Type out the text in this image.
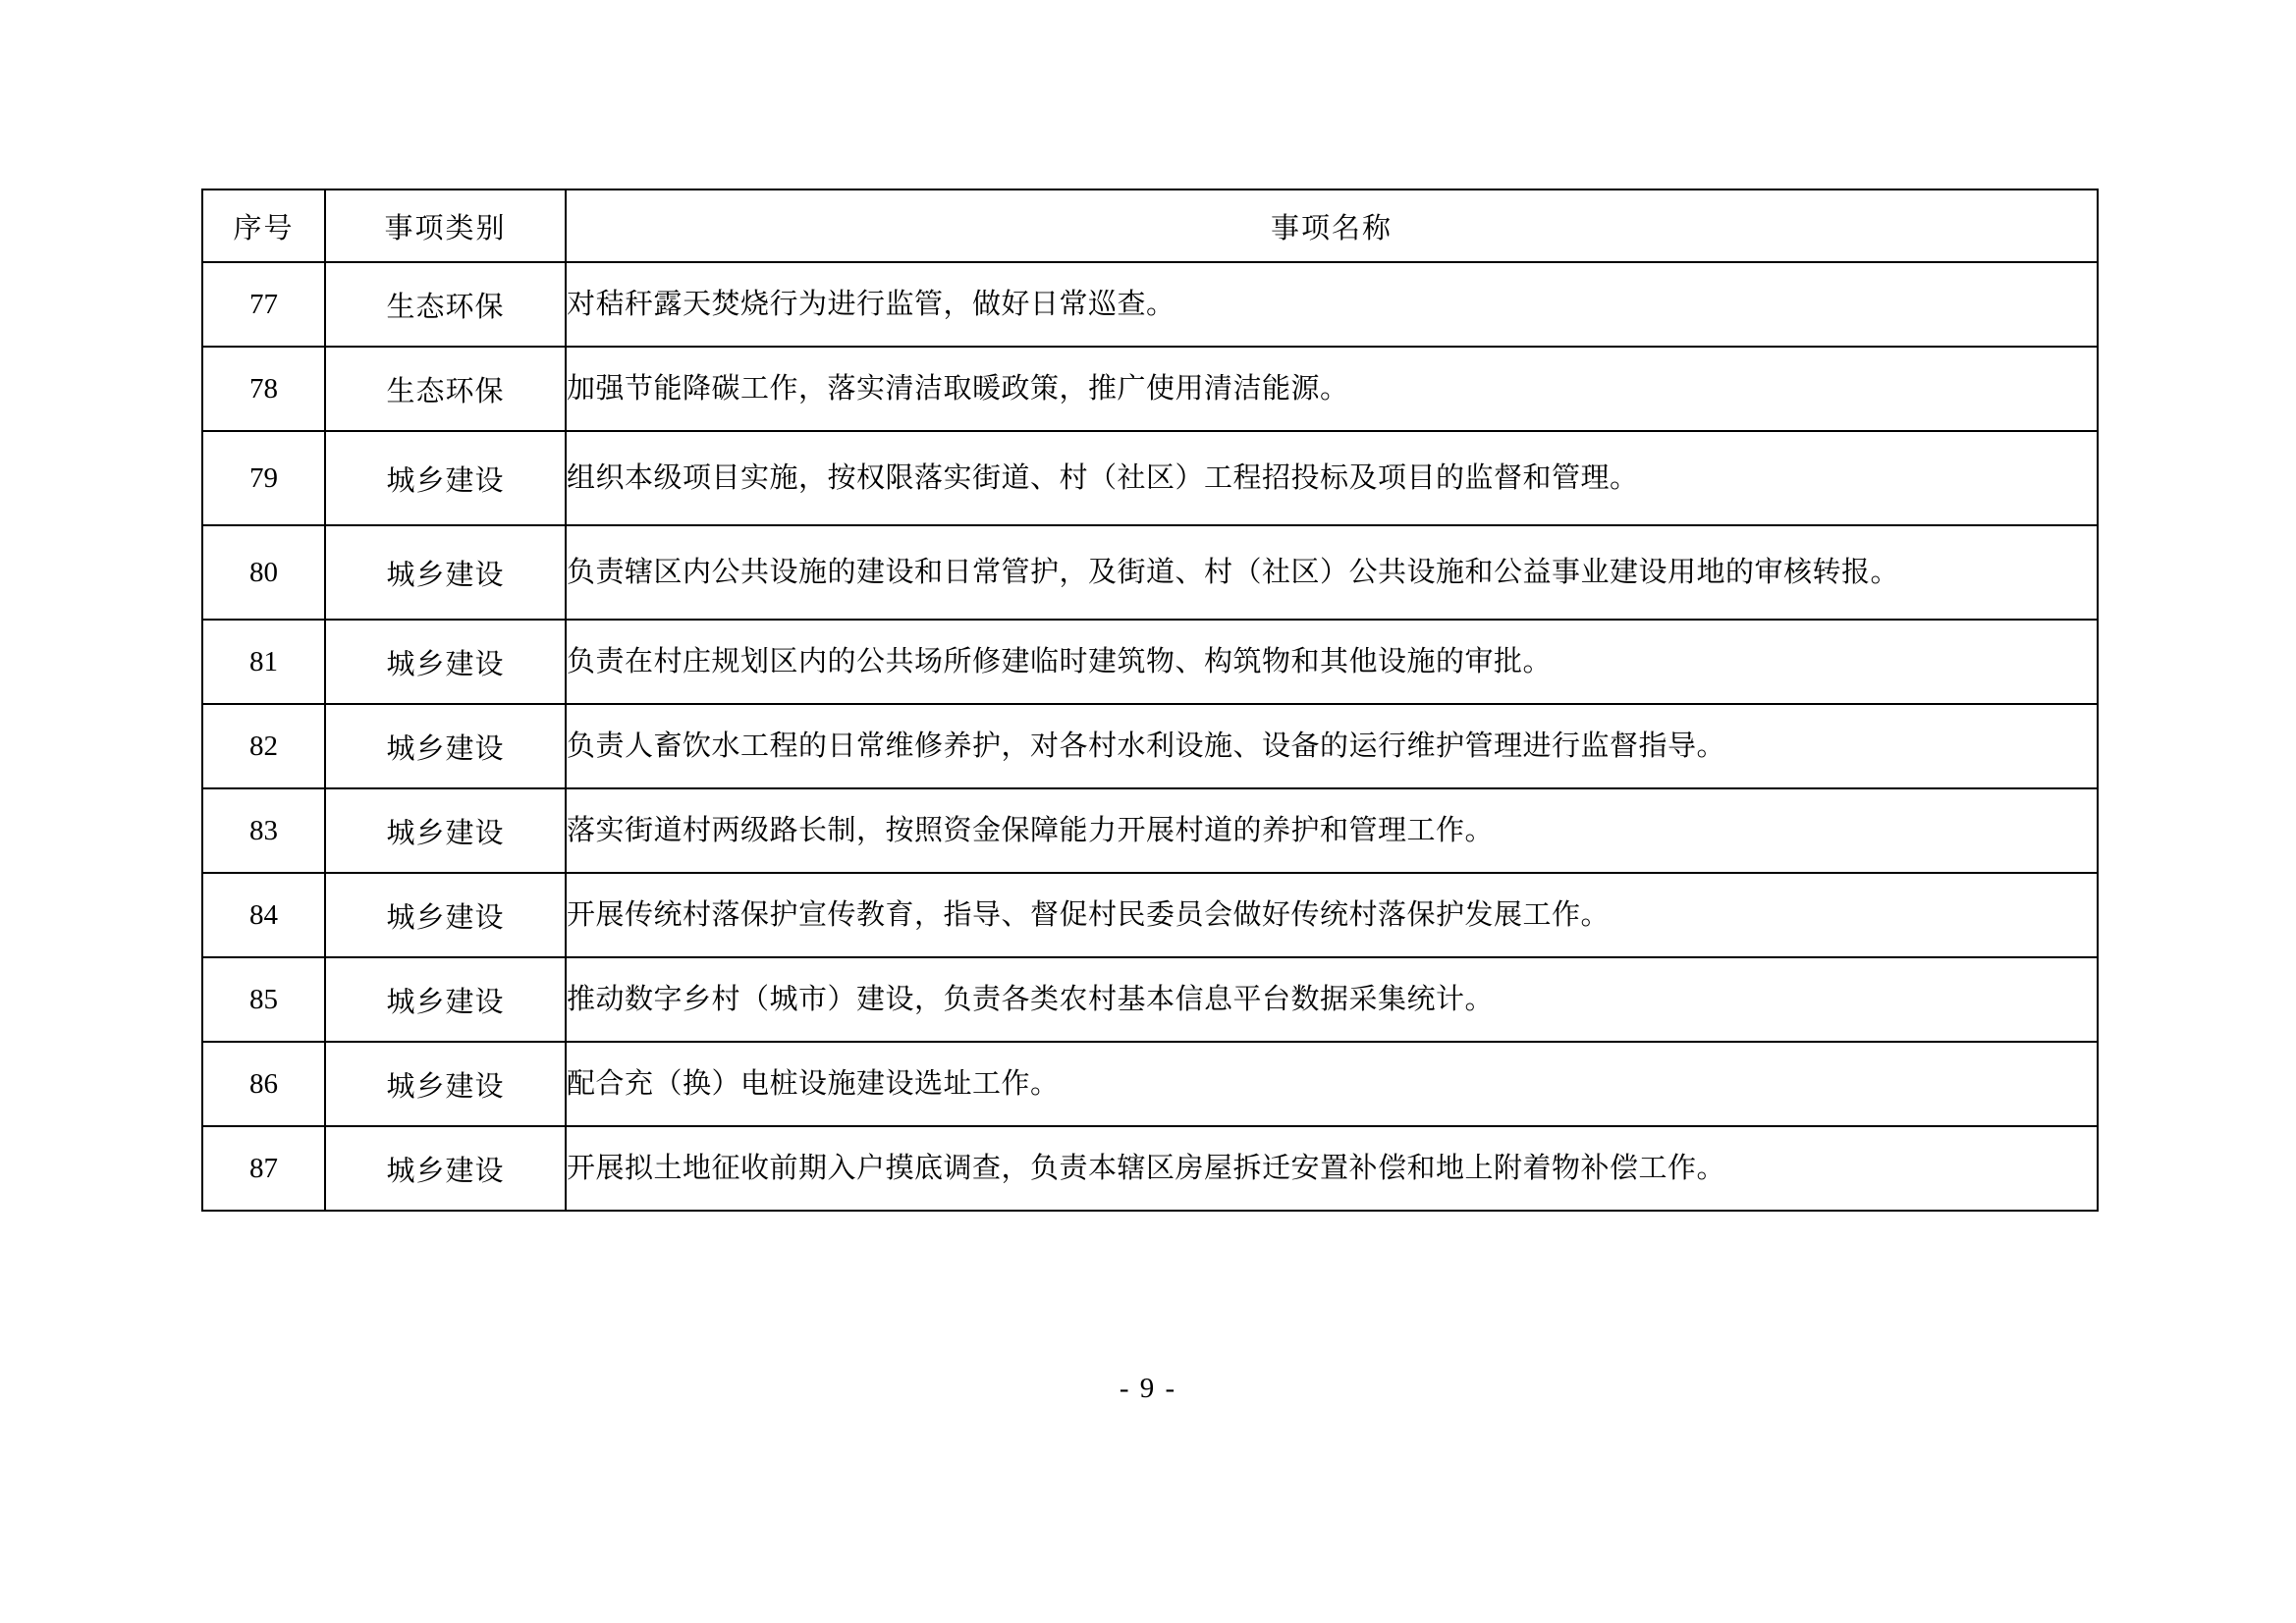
序号	事项类别	事项名称
77	生态环保	对秸秆露天焚烧行为进行监管，做好日常巡查。
78	生态环保	加强节能降碳工作，落实清洁取暖政策，推广使用清洁能源。
79	城乡建设	组织本级项目实施，按权限落实街道、村（社区）工程招投标及项目的监督和管理。
80	城乡建设	负责辖区内公共设施的建设和日常管护，及街道、村（社区）公共设施和公益事业建设用地的审核转报。
81	城乡建设	负责在村庄规划区内的公共场所修建临时建筑物、构筑物和其他设施的审批。
82	城乡建设	负责人畜饮水工程的日常维修养护，对各村水利设施、设备的运行维护管理进行监督指导。
83	城乡建设	落实街道村两级路长制，按照资金保障能力开展村道的养护和管理工作。
84	城乡建设	开展传统村落保护宣传教育，指导、督促村民委员会做好传统村落保护发展工作。
85	城乡建设	推动数字乡村（城市）建设，负责各类农村基本信息平台数据采集统计。
86	城乡建设	配合充（换）电桩设施建设选址工作。
87	城乡建设	开展拟土地征收前期入户摸底调查，负责本辖区房屋拆迁安置补偿和地上附着物补偿工作。
- 9 -
